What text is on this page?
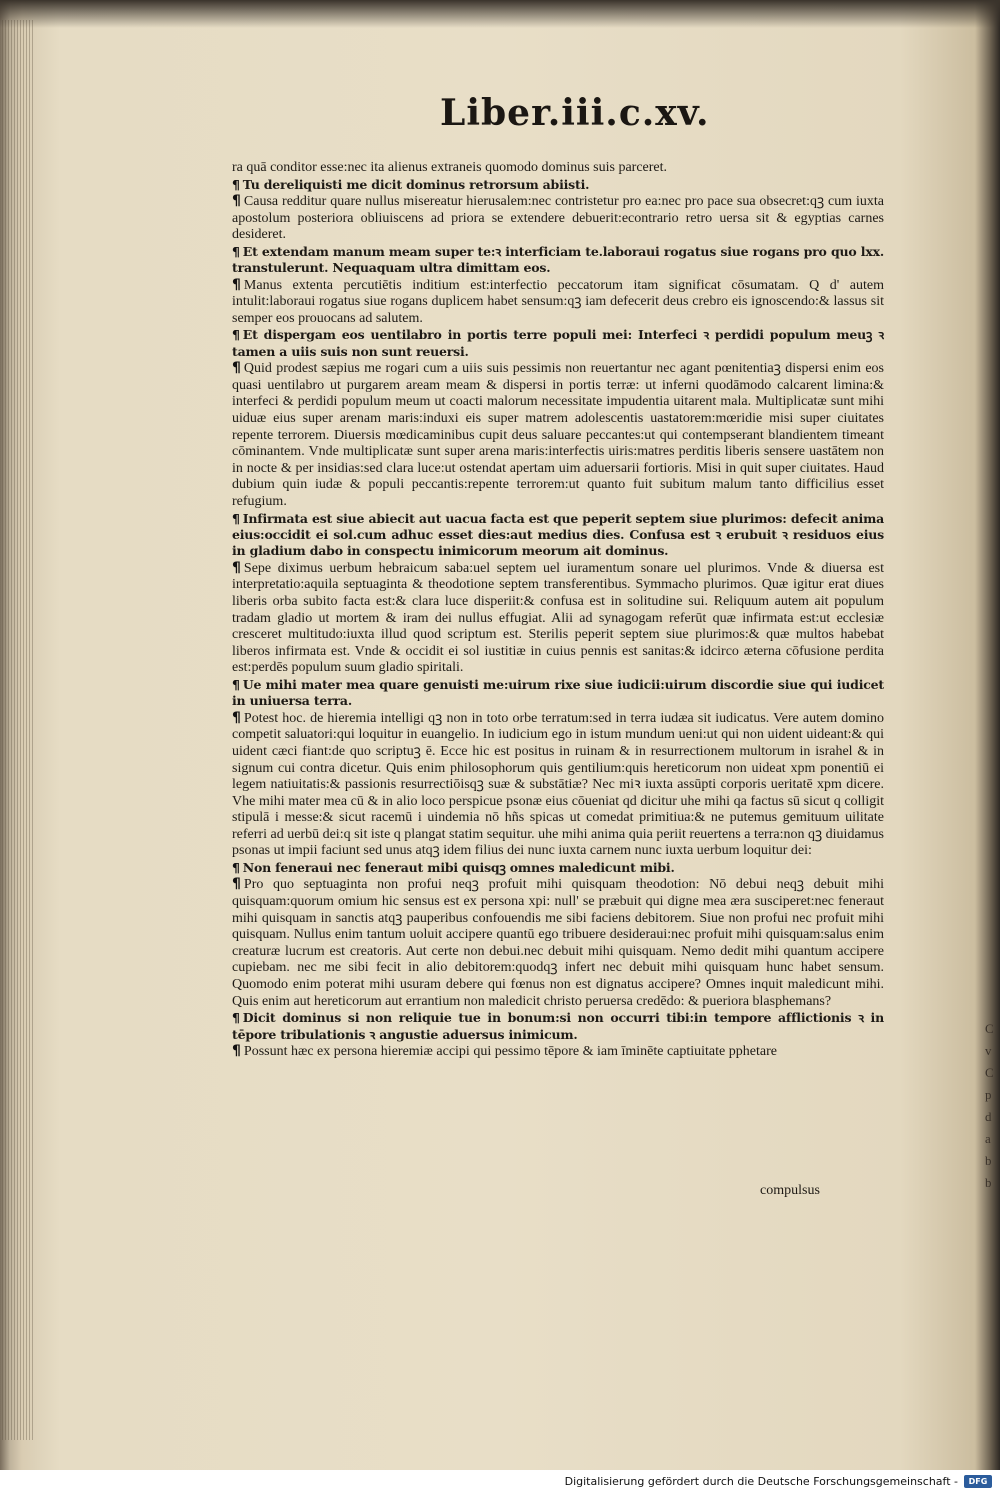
Liber.iii.c.xv.

ra quā conditor esse:nec ita alienus extraneis quomodo dominus suis parceret.

¶ Tu dereliquisti me dicit dominus retrorsum abiisti.

¶ Causa redditur quare nullus misereatur hierusalem:nec contristetur pro ea:nec pro pace sua obsecret:qꝫ cum iuxta apostolum posteriora obliuiscens ad priora se extendere debuerit:econtrario retro uersa sit & egyptias carnes desideret.

¶ Et extendam manum meam super te:ꝛ interficiam te.laboraui rogatus siue rogans pro quo lxx. transtulerunt. Nequaquam ultra dimittam eos.

¶ Manus extenta percutiētis inditium est:interfectio peccatorum itam significat cōsumatam. Q d' autem intulit:laboraui rogatus siue rogans duplicem habet sensum:qꝫ iam defecerit deus crebro eis ignoscendo:& lassus sit semper eos prouocans ad salutem.

¶ Et dispergam eos uentilabro in portis terre populi mei: Interfeci ꝛ perdidi populum meuꝫ ꝛ tamen a uiis suis non sunt reuersi.

¶ Quid prodest sæpius me rogari cum a uiis suis pessimis non reuertantur nec agant pœnitentiaꝫ dispersi enim eos quasi uentilabro ut purgarem aream meam & dispersi in portis terræ: ut inferni quodāmodo calcarent limina:& interfeci & perdidi populum meum ut coacti malorum necessitate impudentia uitarent mala. Multiplicatæ sunt mihi uiduæ eius super arenam maris:induxi eis super matrem adolescentis uastatorem:mœridie misi super ciuitates repente terrorem. Diuersis mœdicaminibus cupit deus saluare peccantes:ut qui contempserant blandientem timeant cōminantem. Vnde multiplicatæ sunt super arena maris:interfectis uiris:matres perditis liberis sensere uastātem non in nocte & per insidias:sed clara luce:ut ostendat apertam uim aduersarii fortioris. Misi in quit super ciuitates. Haud dubium quin iudæ & populi peccantis:repente terrorem:ut quanto fuit subitum malum tanto difficilius esset refugium.

¶ Infirmata est siue abiecit aut uacua facta est que peperit septem siue plurimos: defecit anima eius:occidit ei sol.cum adhuc esset dies:aut medius dies. Confusa est ꝛ erubuit ꝛ residuos eius in gladium dabo in conspectu inimicorum meorum ait dominus.

¶ Sepe diximus uerbum hebraicum saba:uel septem uel iuramentum sonare uel plurimos. Vnde & diuersa est interpretatio:aquila septuaginta & theodotione septem transferentibus. Symmacho plurimos. Quæ igitur erat diues liberis orba subito facta est:& clara luce disperiit:& confusa est in solitudine sui. Reliquum autem ait populum tradam gladio ut mortem & iram dei nullus effugiat. Alii ad synagogam referūt quæ infirmata est:ut ecclesiæ cresceret multitudo:iuxta illud quod scriptum est. Sterilis peperit septem siue plurimos:& quæ multos habebat liberos infirmata est. Vnde & occidit ei sol iustitiæ in cuius pennis est sanitas:& idcirco æterna cōfusione perdita est:perdēs populum suum gladio spiritali.

¶ Ue mihi mater mea quare genuisti me:uirum rixe siue iudicii:uirum discordie siue qui iudicet in uniuersa terra.

¶ Potest hoc. de hieremia intelligi qꝫ non in toto orbe terratum:sed in terra iudæa sit iudicatus. Vere autem domino competit saluatori:qui loquitur in euangelio. In iudicium ego in istum mundum ueni:ut qui non uident uideant:& qui uident cæci fiant:de quo scriptuꝫ ē. Ecce hic est positus in ruinam & in resurrectionem multorum in israhel & in signum cui contra dicetur. Quis enim philosophorum quis gentilium:quis hereticorum non uideat xpm ponentiū ei legem natiuitatis:& passionis resurrectiōisqꝫ suæ & substātiæ? Nec miꝛ iuxta assūpti corporis ueritatē xpm dicere. Vhe mihi mater mea cū & in alio loco perspicue psonæ eius cōueniat qd dicitur uhe mihi qa factus sū sicut q colligit stipulā i messe:& sicut racemū i uindemia nō hñs spicas ut comedat primitiua:& ne putemus gemituum uilitate referri ad uerbū dei:q sit iste q plangat statim sequitur. uhe mihi anima quia periit reuertens a terra:non qꝫ diuidamus psonas ut impii faciunt sed unus atqꝫ idem filius dei nunc iuxta carnem nunc iuxta uerbum loquitur dei:

¶ Non feneraui nec feneraut mibi quisqꝫ omnes maledicunt mibi.

¶ Pro quo septuaginta non profui neqꝫ profuit mihi quisquam theodotion: Nō debui neqꝫ debuit mihi quisquam:quorum omium hic sensus est ex persona xpi: null' se præbuit qui digne mea æra susciperet:nec feneraut mihi quisquam in sanctis atqꝫ pauperibus confouendis me sibi faciens debitorem. Siue non profui nec profuit mihi quisquam. Nullus enim tantum uoluit accipere quantū ego tribuere desideraui:nec profuit mihi quisquam:salus enim creaturæ lucrum est creatoris. Aut certe non debui.nec debuit mihi quisquam. Nemo dedit mihi quantum accipere cupiebam. nec me sibi fecit in alio debitorem:quodqꝫ infert nec debuit mihi quisquam hunc habet sensum. Quomodo enim poterat mihi usuram debere qui fœnus non est dignatus accipere? Omnes inquit maledicunt mihi. Quis enim aut hereticorum aut errantium non maledicit christo peruersa credēdo: & pueriora blasphemans?

¶ Dicit dominus si non reliquie tue in bonum:si non occurri tibi:in tempore afflictionis ꝛ in tēpore tribulationis ꝛ angustie aduersus inimicum.

¶ Possunt hæc ex persona hieremiæ accipi qui pessimo tēpore & iam īminēte captiuitate pphetare

compulsus
C
v
C
p
d
a
b
b
Digitalisierung gefördert durch die Deutsche Forschungsgemeinschaft -	DFG
